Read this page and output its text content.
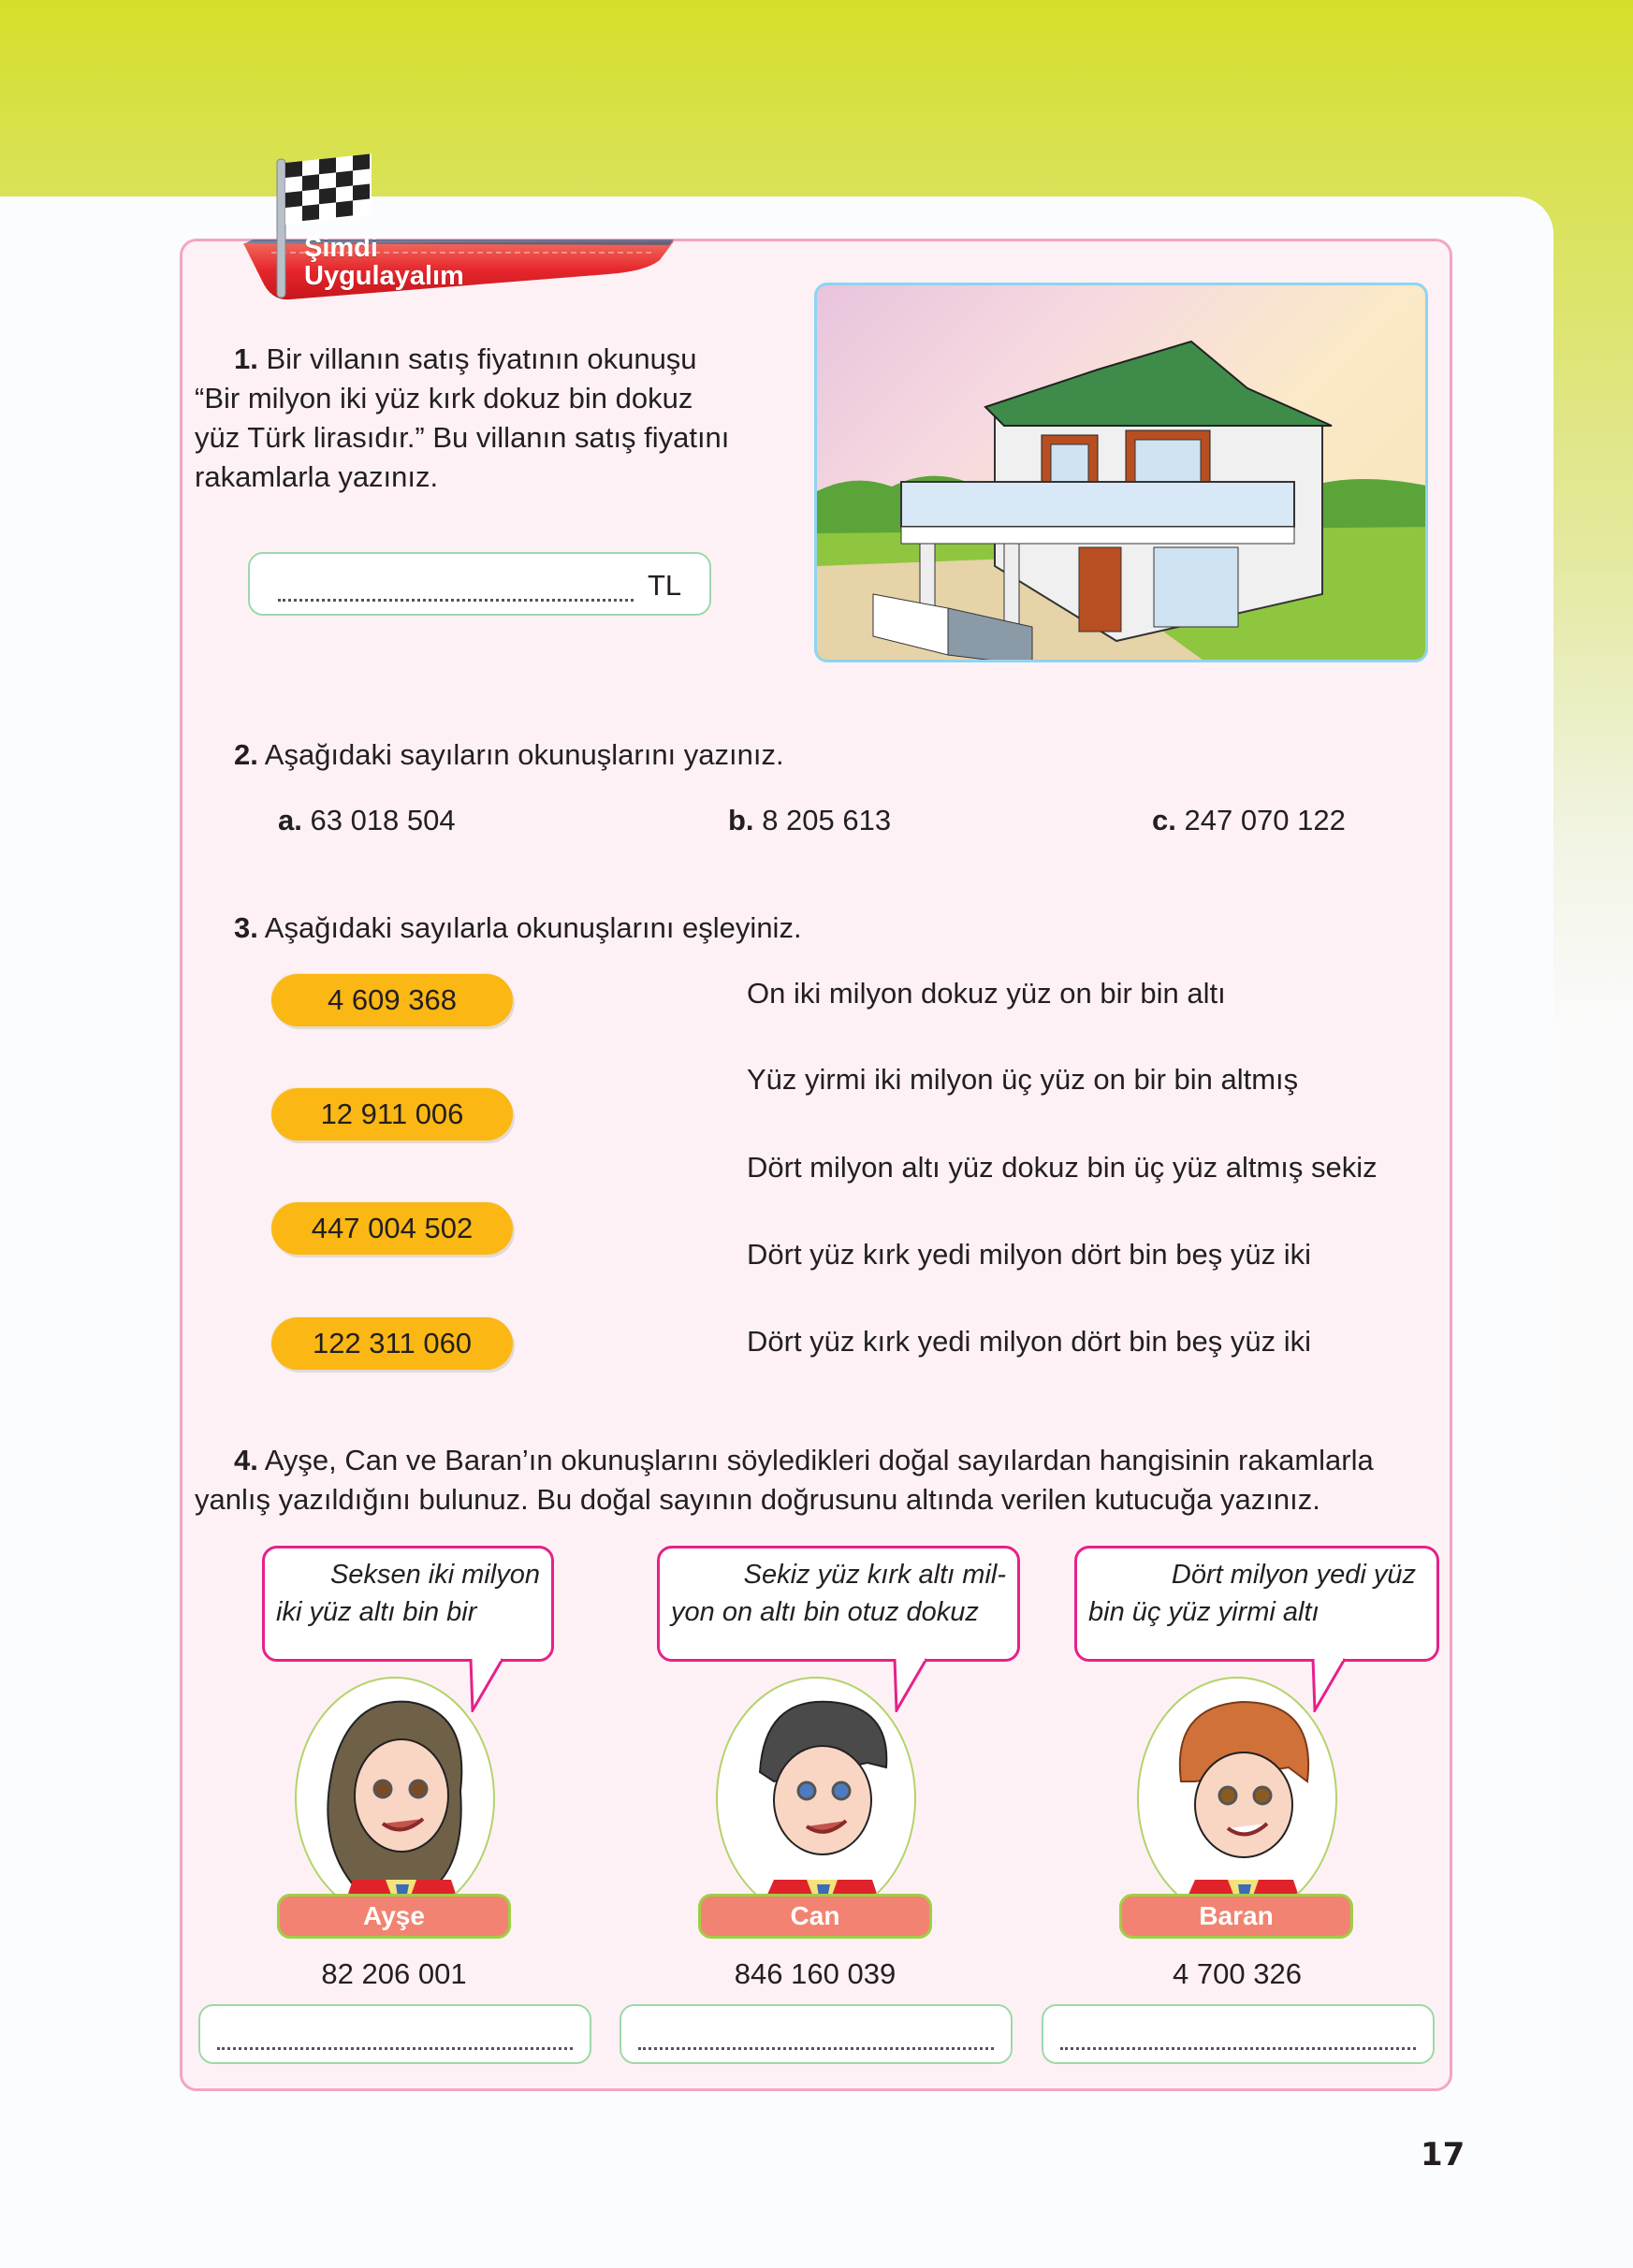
Şimdi
Uygulayalım
1. Bir villanın satış fiyatının okunuşu
“Bir milyon iki yüz kırk dokuz bin dokuz
yüz Türk lirasıdır.” Bu villanın satış fiyatını
rakamlarla yazınız.
TL
2. Aşağıdaki sayıların okunuşlarını yazınız.
a. 63 018 504	b. 8 205 613	c. 247 070 122
3. Aşağıdaki sayılarla okunuşlarını eşleyiniz.
4 609 368
12 911 006
447 004 502
122 311 060
On iki milyon dokuz yüz on bir bin altı
Yüz yirmi iki milyon üç yüz on bir bin altmış
Dört milyon altı yüz dokuz bin üç yüz altmış sekiz
Dört yüz kırk yedi milyon dört bin beş yüz iki
Dört yüz kırk yedi milyon dört bin beş yüz iki
4. Ayşe, Can ve Baran’ın okunuşlarını söyledikleri doğal sayılardan hangisinin rakamlarla
yanlış yazıldığını bulunuz. Bu doğal sayının doğrusunu altında verilen kutucuğa yazınız.
Seksen iki milyon
iki yüz altı bin bir
Sekiz yüz kırk altı mil-
yon on altı bin otuz dokuz
Dört milyon yedi yüz
bin üç yüz yirmi altı
Ayşe	Can	Baran
82 206 001	846 160 039	4 700 326
17
